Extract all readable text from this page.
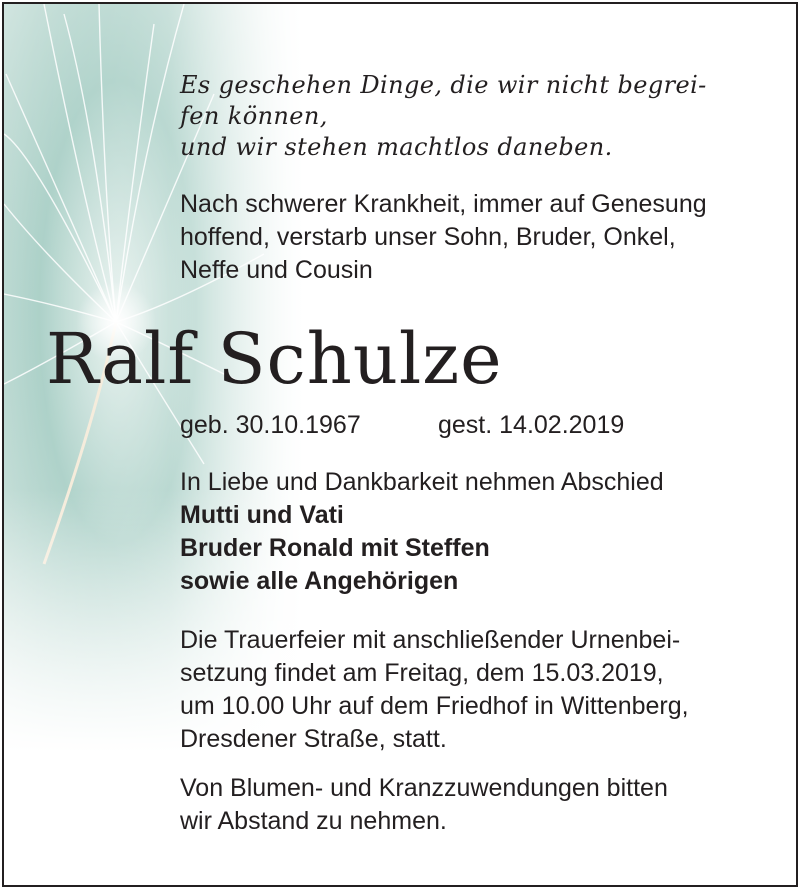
Es geschehen Dinge, die wir nicht begrei-
fen können,
und wir stehen machtlos daneben.
Nach schwerer Krankheit, immer auf Genesung
hoffend, verstarb unser Sohn, Bruder, Onkel,
Neffe und Cousin
Ralf Schulze
geb. 30.10.1967	gest. 14.02.2019
In Liebe und Dankbarkeit nehmen Abschied
Mutti und Vati
Bruder Ronald mit Steffen
sowie alle Angehörigen
Die Trauerfeier mit anschließender Urnenbei-
setzung findet am Freitag, dem 15.03.2019,
um 10.00 Uhr auf dem Friedhof in Wittenberg,
Dresdener Straße, statt.
Von Blumen- und Kranzzuwendungen bitten
wir Abstand zu nehmen.
